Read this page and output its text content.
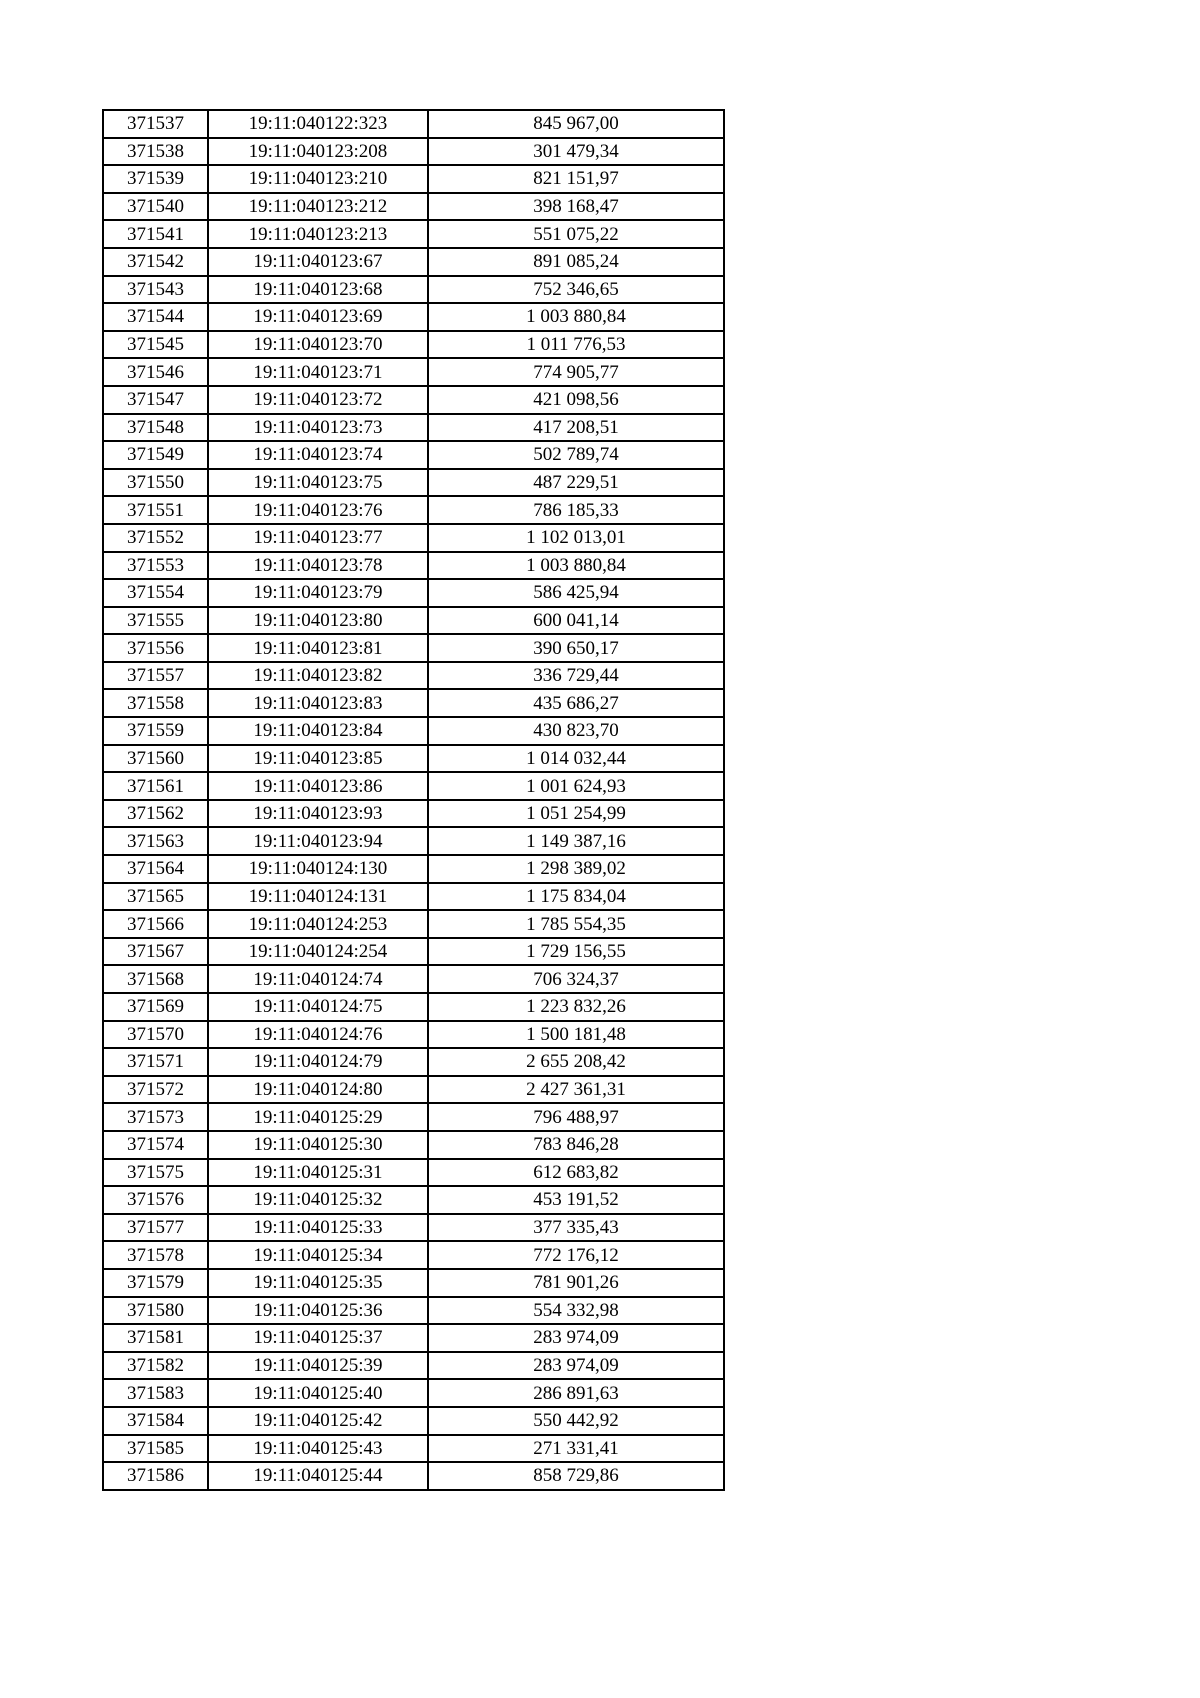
371537	19:11:040122:323	845 967,00
371538	19:11:040123:208	301 479,34
371539	19:11:040123:210	821 151,97
371540	19:11:040123:212	398 168,47
371541	19:11:040123:213	551 075,22
371542	19:11:040123:67	891 085,24
371543	19:11:040123:68	752 346,65
371544	19:11:040123:69	1 003 880,84
371545	19:11:040123:70	1 011 776,53
371546	19:11:040123:71	774 905,77
371547	19:11:040123:72	421 098,56
371548	19:11:040123:73	417 208,51
371549	19:11:040123:74	502 789,74
371550	19:11:040123:75	487 229,51
371551	19:11:040123:76	786 185,33
371552	19:11:040123:77	1 102 013,01
371553	19:11:040123:78	1 003 880,84
371554	19:11:040123:79	586 425,94
371555	19:11:040123:80	600 041,14
371556	19:11:040123:81	390 650,17
371557	19:11:040123:82	336 729,44
371558	19:11:040123:83	435 686,27
371559	19:11:040123:84	430 823,70
371560	19:11:040123:85	1 014 032,44
371561	19:11:040123:86	1 001 624,93
371562	19:11:040123:93	1 051 254,99
371563	19:11:040123:94	1 149 387,16
371564	19:11:040124:130	1 298 389,02
371565	19:11:040124:131	1 175 834,04
371566	19:11:040124:253	1 785 554,35
371567	19:11:040124:254	1 729 156,55
371568	19:11:040124:74	706 324,37
371569	19:11:040124:75	1 223 832,26
371570	19:11:040124:76	1 500 181,48
371571	19:11:040124:79	2 655 208,42
371572	19:11:040124:80	2 427 361,31
371573	19:11:040125:29	796 488,97
371574	19:11:040125:30	783 846,28
371575	19:11:040125:31	612 683,82
371576	19:11:040125:32	453 191,52
371577	19:11:040125:33	377 335,43
371578	19:11:040125:34	772 176,12
371579	19:11:040125:35	781 901,26
371580	19:11:040125:36	554 332,98
371581	19:11:040125:37	283 974,09
371582	19:11:040125:39	283 974,09
371583	19:11:040125:40	286 891,63
371584	19:11:040125:42	550 442,92
371585	19:11:040125:43	271 331,41
371586	19:11:040125:44	858 729,86
